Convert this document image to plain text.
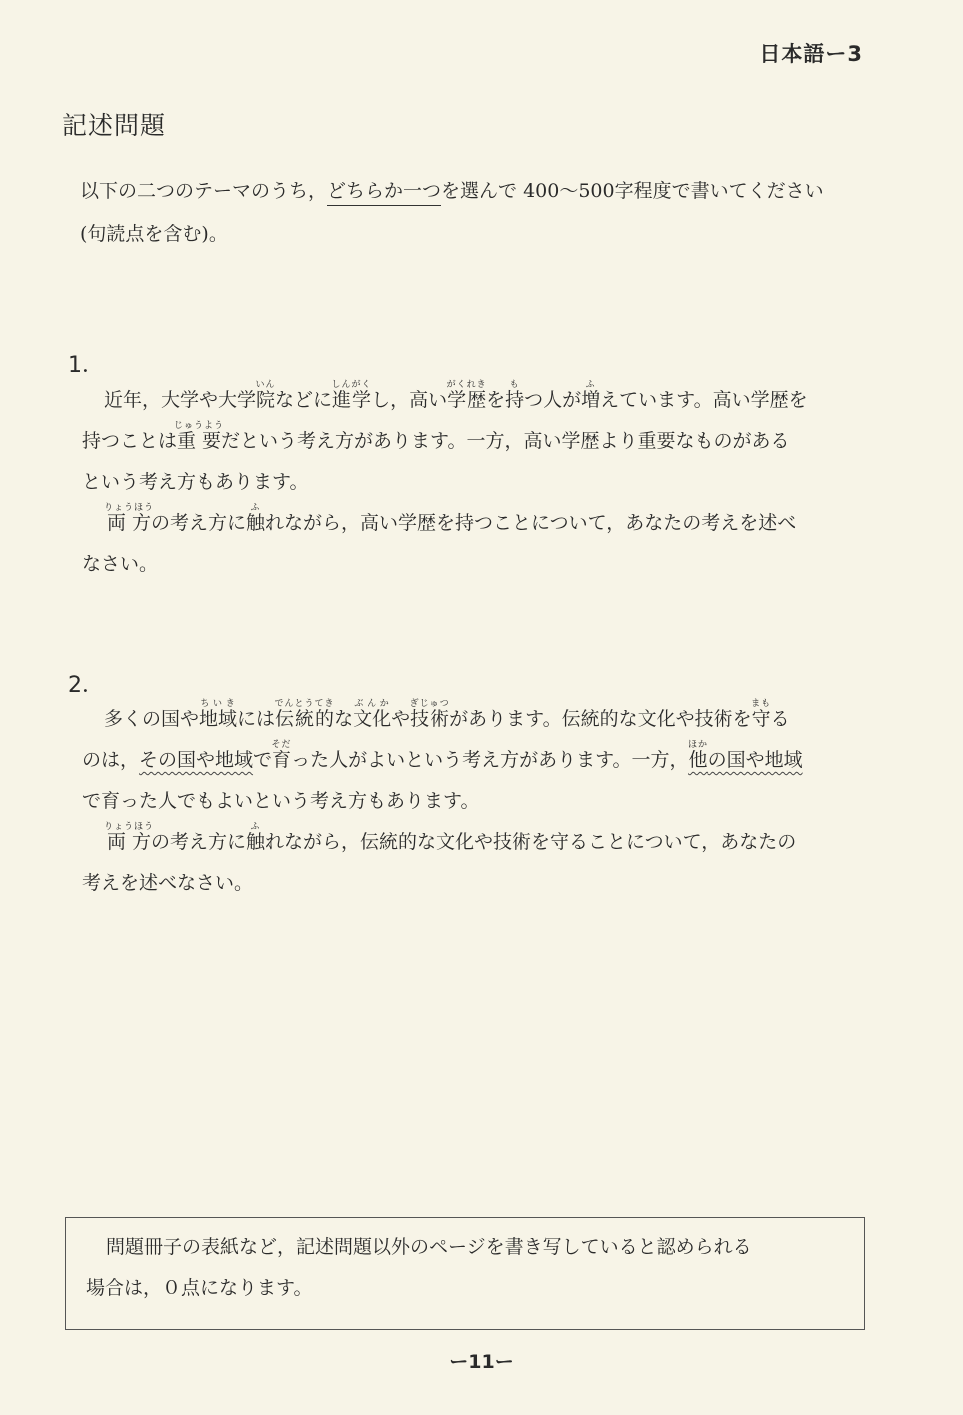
日本語ー3
記述問題
以下の二つのテーマのうち，どちらか一つを選んで 400〜500字程度で書いてください
(句読点を含む)。
1．
近年，大学や大学院いんなどに進学しんがくし，高い学歴がくれきを持もつ人が増ふえています。高い学歴を
持つことは重要じゅうようだという考え方があります。一方，高い学歴より重要なものがある
という考え方もあります。
両方りょうほうの考え方に触ふれながら，高い学歴を持つことについて，あなたの考えを述べ
なさい。
2．
多くの国や地域ちいきには伝統的でんとうてきな文化ぶんかや技術ぎじゅつがあります。伝統的な文化や技術を守まもる
のは，その国や地域で育そだった人がよいという考え方があります。一方，他ほかの国や地域
で育った人でもよいという考え方もあります。
両方りょうほうの考え方に触ふれながら，伝統的な文化や技術を守ることについて，あなたの
考えを述べなさい。
問題冊子の表紙など，記述問題以外のページを書き写していると認められる
場合は，０点になります。
ー11ー
